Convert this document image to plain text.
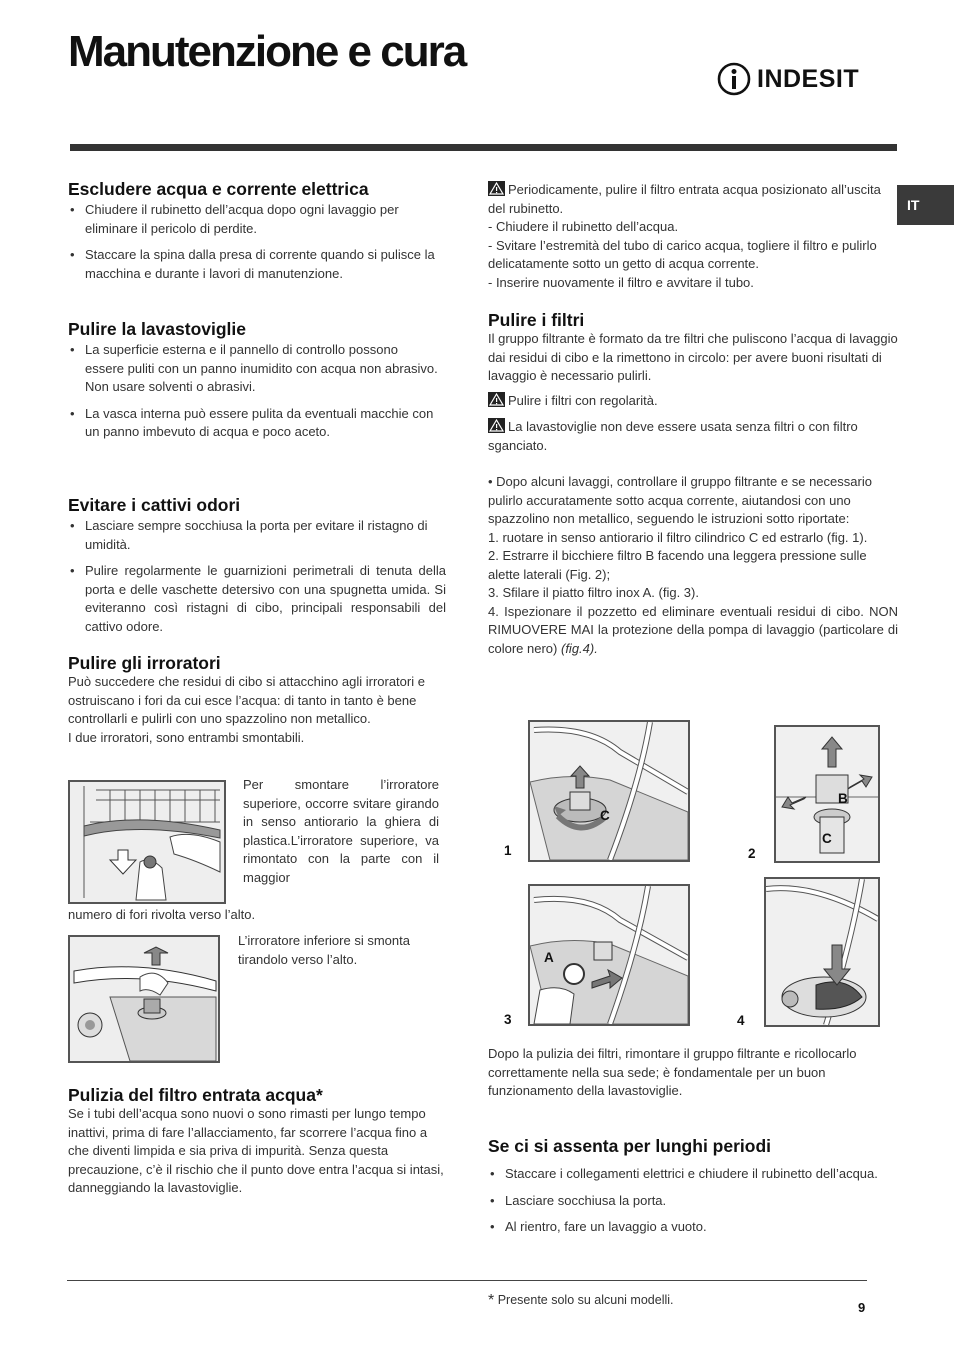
Manutenzione e cura
INDESIT
IT
Escludere acqua e corrente elettrica
• Chiudere il rubinetto dell’acqua dopo ogni lavaggio per eliminare il pericolo di perdite.
• Staccare la spina dalla presa di corrente quando si pulisce la macchina e durante i lavori di manutenzione.
Pulire la lavastoviglie
• La superficie esterna e il pannello di controllo possono essere puliti con un panno inumidito con acqua non abrasivo. Non usare solventi o abrasivi.
• La vasca interna può essere pulita da eventuali macchie con un panno imbevuto di acqua e poco aceto.
Evitare i cattivi odori
• Lasciare sempre socchiusa la porta per evitare il ristagno di umidità.
• Pulire regolarmente le guarnizioni perimetrali di tenuta della porta e delle vaschette detersivo con una spugnetta umida. Si eviteranno così ristagni di cibo, principali responsabili del cattivo odore.
Pulire gli irroratori

Può succedere che residui di cibo si attacchino agli irroratori e ostruiscano i fori da cui esce l’acqua: di tanto in tanto è bene controllarli e pulirli con uno spazzolino non metallico.

I due irroratori, sono entrambi smontabili.

Per smontare l’irroratore superiore, occorre svitare girando in senso antiorario la ghiera di plastica.L’irroratore superiore, va rimontato con la parte con il maggior

numero di fori rivolta verso l’alto.

L’irroratore inferiore si smonta tirandolo verso l’alto.

Pulizia del filtro entrata acqua*

Se i tubi dell’acqua sono nuovi o sono rimasti per lungo tempo inattivi, prima di fare l’allacciamento, far scorrere l’acqua fino a che diventi limpida e sia priva di impurità. Senza questa precauzione, c’è il rischio che il punto dove entra l’acqua si intasi, danneggiando la lavastoviglie.

Periodicamente, pulire il filtro entrata acqua posizionato all’uscita del rubinetto.

- Chiudere il rubinetto dell’acqua.

- Svitare l’estremità del tubo di carico acqua, togliere il filtro e pulirlo delicatamente sotto un getto di acqua corrente.

- Inserire nuovamente il filtro e avvitare il tubo.

Pulire i filtri

Il gruppo filtrante è formato da tre filtri che puliscono l’acqua di lavaggio dai residui di cibo e la rimettono in circolo: per avere buoni risultati di lavaggio è necessario pulirli.

Pulire i filtri con regolarità.

La lavastoviglie non deve essere usata senza filtri o con filtro sganciato.

• Dopo alcuni lavaggi, controllare il gruppo filtrante e se necessario pulirlo accuratamente sotto acqua corrente, aiutandosi con uno spazzolino non metallico, seguendo le istruzioni sotto riportate:

1. ruotare in senso antiorario il filtro cilindrico C ed estrarlo (fig. 1).

2. Estrarre il bicchiere filtro B facendo una leggera pressione sulle alette laterali (Fig. 2);

3. Sfilare il piatto filtro inox A. (fig. 3).

4. Ispezionare il pozzetto ed eliminare eventuali residui di cibo. NON RIMUOVERE MAI la protezione della pompa di lavaggio (particolare di colore nero) (fig.4).

C
1
B
C
2
A
3	4

Dopo la pulizia dei filtri, rimontare il gruppo filtrante e ricollocarlo correttamente nella sua sede; è fondamentale per un buon funzionamento della lavastoviglie.

Se ci si assenta per lunghi periodi
• Staccare i collegamenti elettrici e chiudere il rubinetto dell’acqua.
• Lasciare socchiusa la porta.
• Al rientro, fare un lavaggio a vuoto.
* Presente solo su alcuni modelli.	9
